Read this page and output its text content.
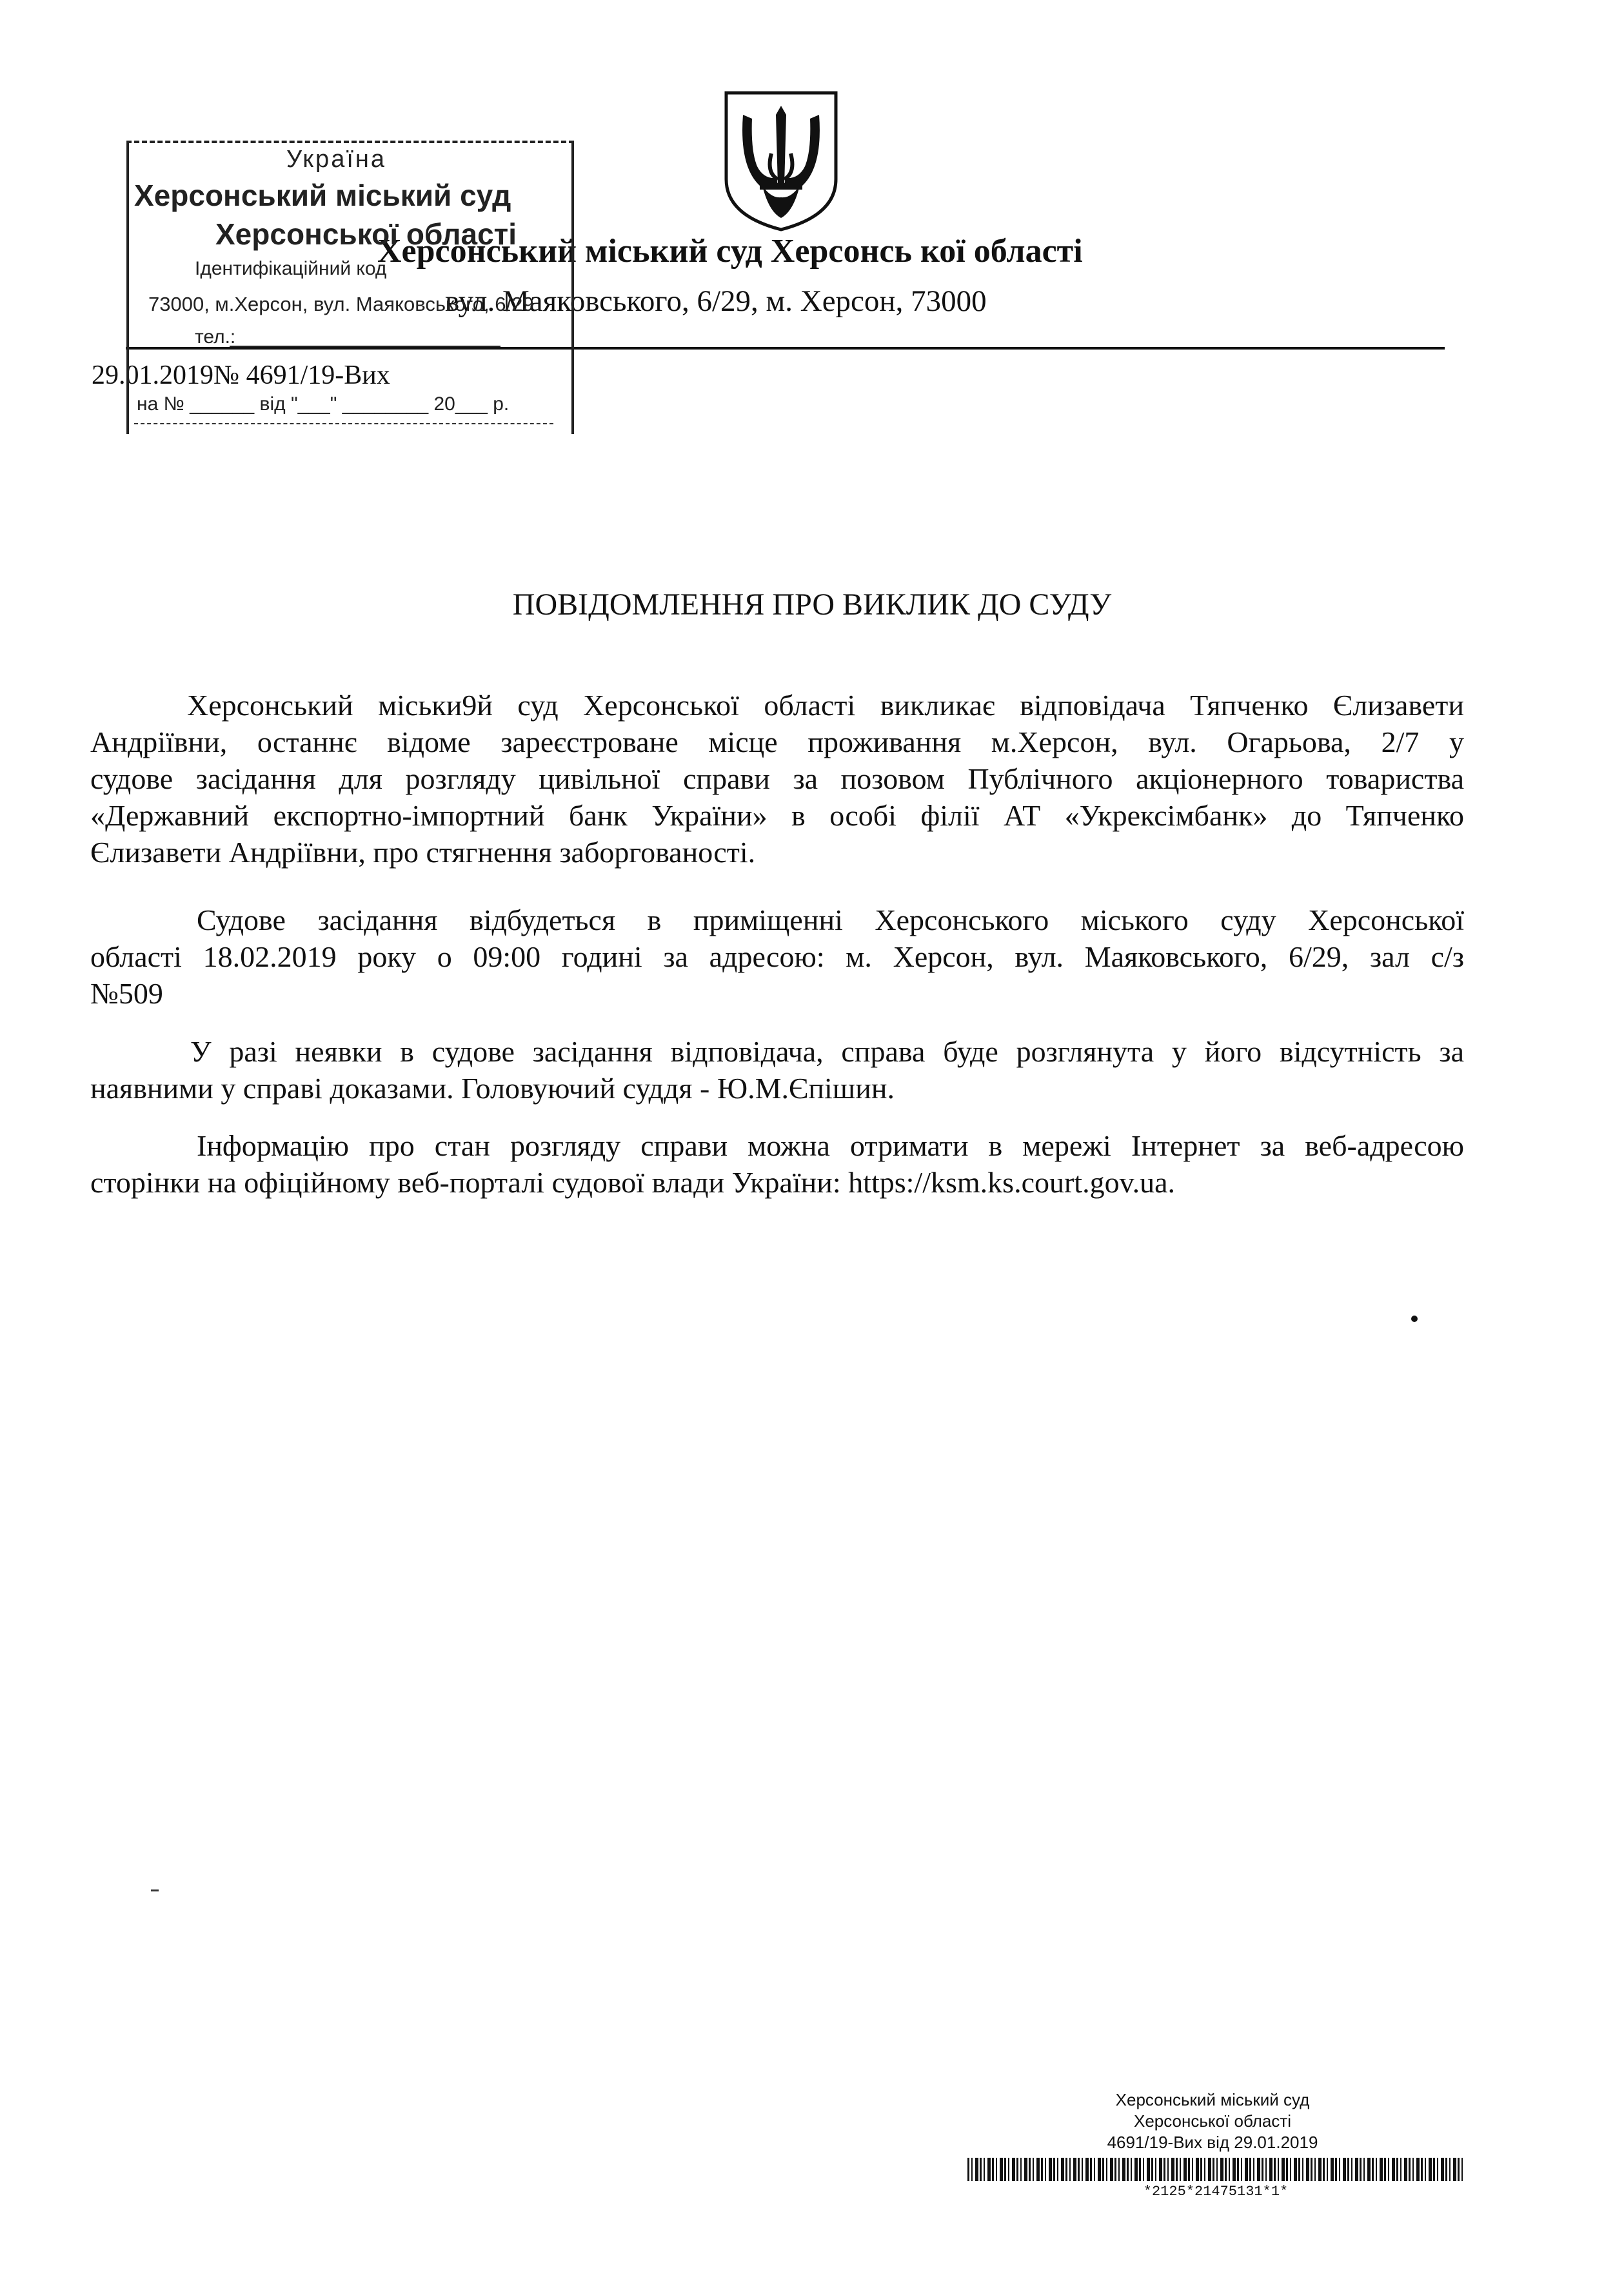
Херсонський міський суд Херсонсь кої області
вул. Маяковського, 6/29, м. Херсон, 73000
29.01.2019№ 4691/19-Вих
Україна
Херсонський міський суд
Херсонської області
Ідентифікаційний код
73000, м.Херсон, вул. Маяковського, 6/29
тел.:
на № ______ від "___" ________ 20___ р.
ПОВІДОМЛЕННЯ ПРО ВИКЛИК ДО СУДУ
Херсонський міськи9й суд Херсонської області викликає відповідача Тяпченко Єлизавети
Андріївни, останнє відоме зареєстроване місце проживання м.Херсон, вул. Огарьова, 2/7 у
судове засідання для розгляду цивільної справи за позовом Публічного акціонерного товариства
«Державний експортно-імпортний банк України» в особі філії АТ «Укрексімбанк» до Тяпченко
Єлизавети Андріївни, про стягнення заборгованості.
Судове засідання відбудеться в приміщенні Херсонського міського суду Херсонської
області 18.02.2019 року о 09:00 годині за адресою: м. Херсон, вул. Маяковського, 6/29, зал с/з
№509
У разі неявки в судове засідання відповідача, справа буде розглянута у його відсутність за
наявними у справі доказами. Головуючий суддя - Ю.М.Єпішин.
Інформацію про стан розгляду справи можна отримати в мережі Інтернет за веб-адресою
сторінки на офіційному веб-порталі судової влади України: https://ksm.ks.court.gov.ua.
Херсонський міський суд
Херсонської області
4691/19-Вих від 29.01.2019
*2125*21475131*1*
